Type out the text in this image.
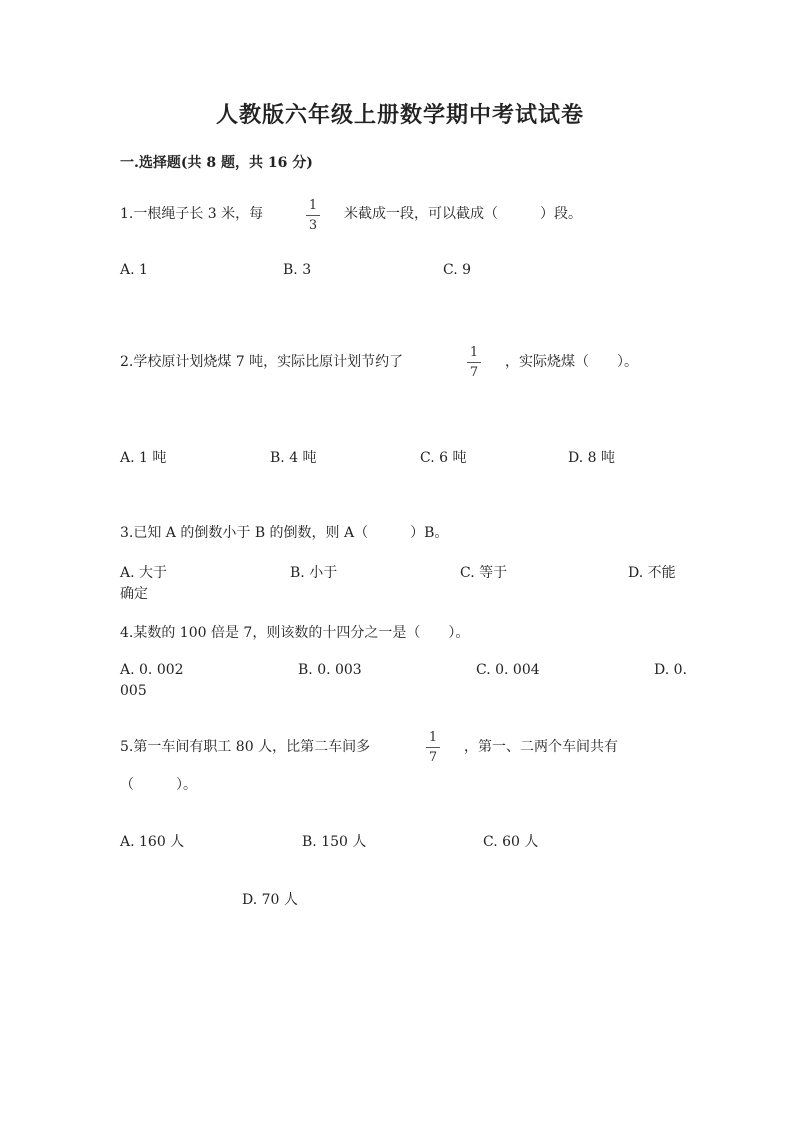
人教版六年级上册数学期中考试试卷
一.选择题(共 8 题，共 16 分)
1.一根绳子长 3 米，每
1
3
米截成一段，可以截成（　　　）段。
A. 1	B. 3	C. 9
2.学校原计划烧煤 7 吨，实际比原计划节约了
1
7
，实际烧煤（　　）。
A. 1 吨	B. 4 吨	C. 6 吨	D. 8 吨
3.已知 A 的倒数小于 B 的倒数，则 A（　　　）B。
A. 大于	B. 小于	C. 等于	D. 不能
确定
4.某数的 100 倍是 7，则该数的十四分之一是（　　）。
A. 0. 002	B. 0. 003	C. 0. 004	D. 0.
005
5.第一车间有职工 80 人，比第二车间多
1
7
，第一、二两个车间共有
（　　　）。
A. 160 人	B. 150 人	C. 60 人
D. 70 人
